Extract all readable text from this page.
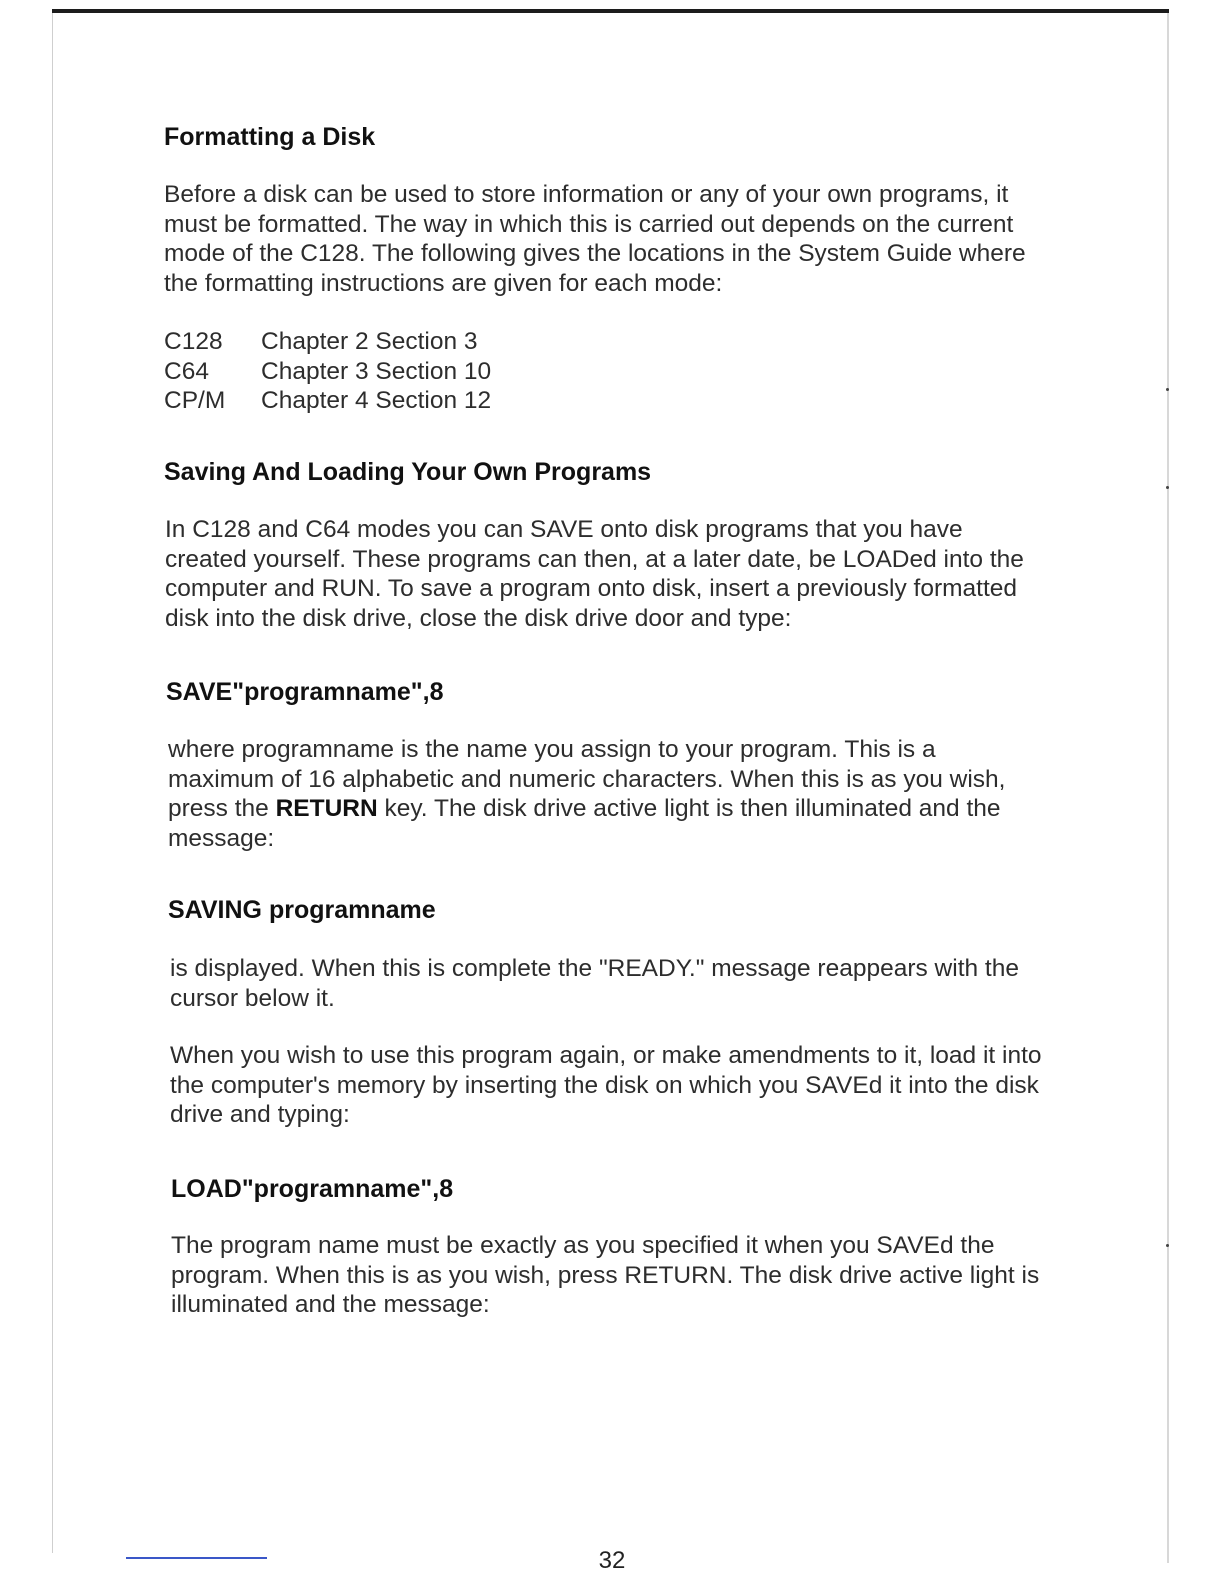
Formatting a Disk

Before a disk can be used to store information or any of your own programs, it must be formatted. The way in which this is carried out depends on the current mode of the C128. The following gives the locations in the System Guide where the formatting instructions are given for each mode:

C128	Chapter 2 Section 3
C64	Chapter 3 Section 10
CP/M	Chapter 4 Section 12
Saving And Loading Your Own Programs

In C128 and C64 modes you can SAVE onto disk programs that you have created yourself. These programs can then, at a later date, be LOADed into the computer and RUN. To save a program onto disk, insert a previously formatted disk into the disk drive, close the disk drive door and type:

SAVE"programname",8

where programname is the name you assign to your program. This is a maximum of 16 alphabetic and numeric characters. When this is as you wish, press the RETURN key. The disk drive active light is then illuminated and the message:

SAVING programname

is displayed. When this is complete the "READY." message reappears with the cursor below it.

When you wish to use this program again, or make amendments to it, load it into the computer's memory by inserting the disk on which you SAVEd it into the disk drive and typing:

LOAD"programname",8

The program name must be exactly as you specified it when you SAVEd the program. When this is as you wish, press RETURN. The disk drive active light is illuminated and the message:

32
